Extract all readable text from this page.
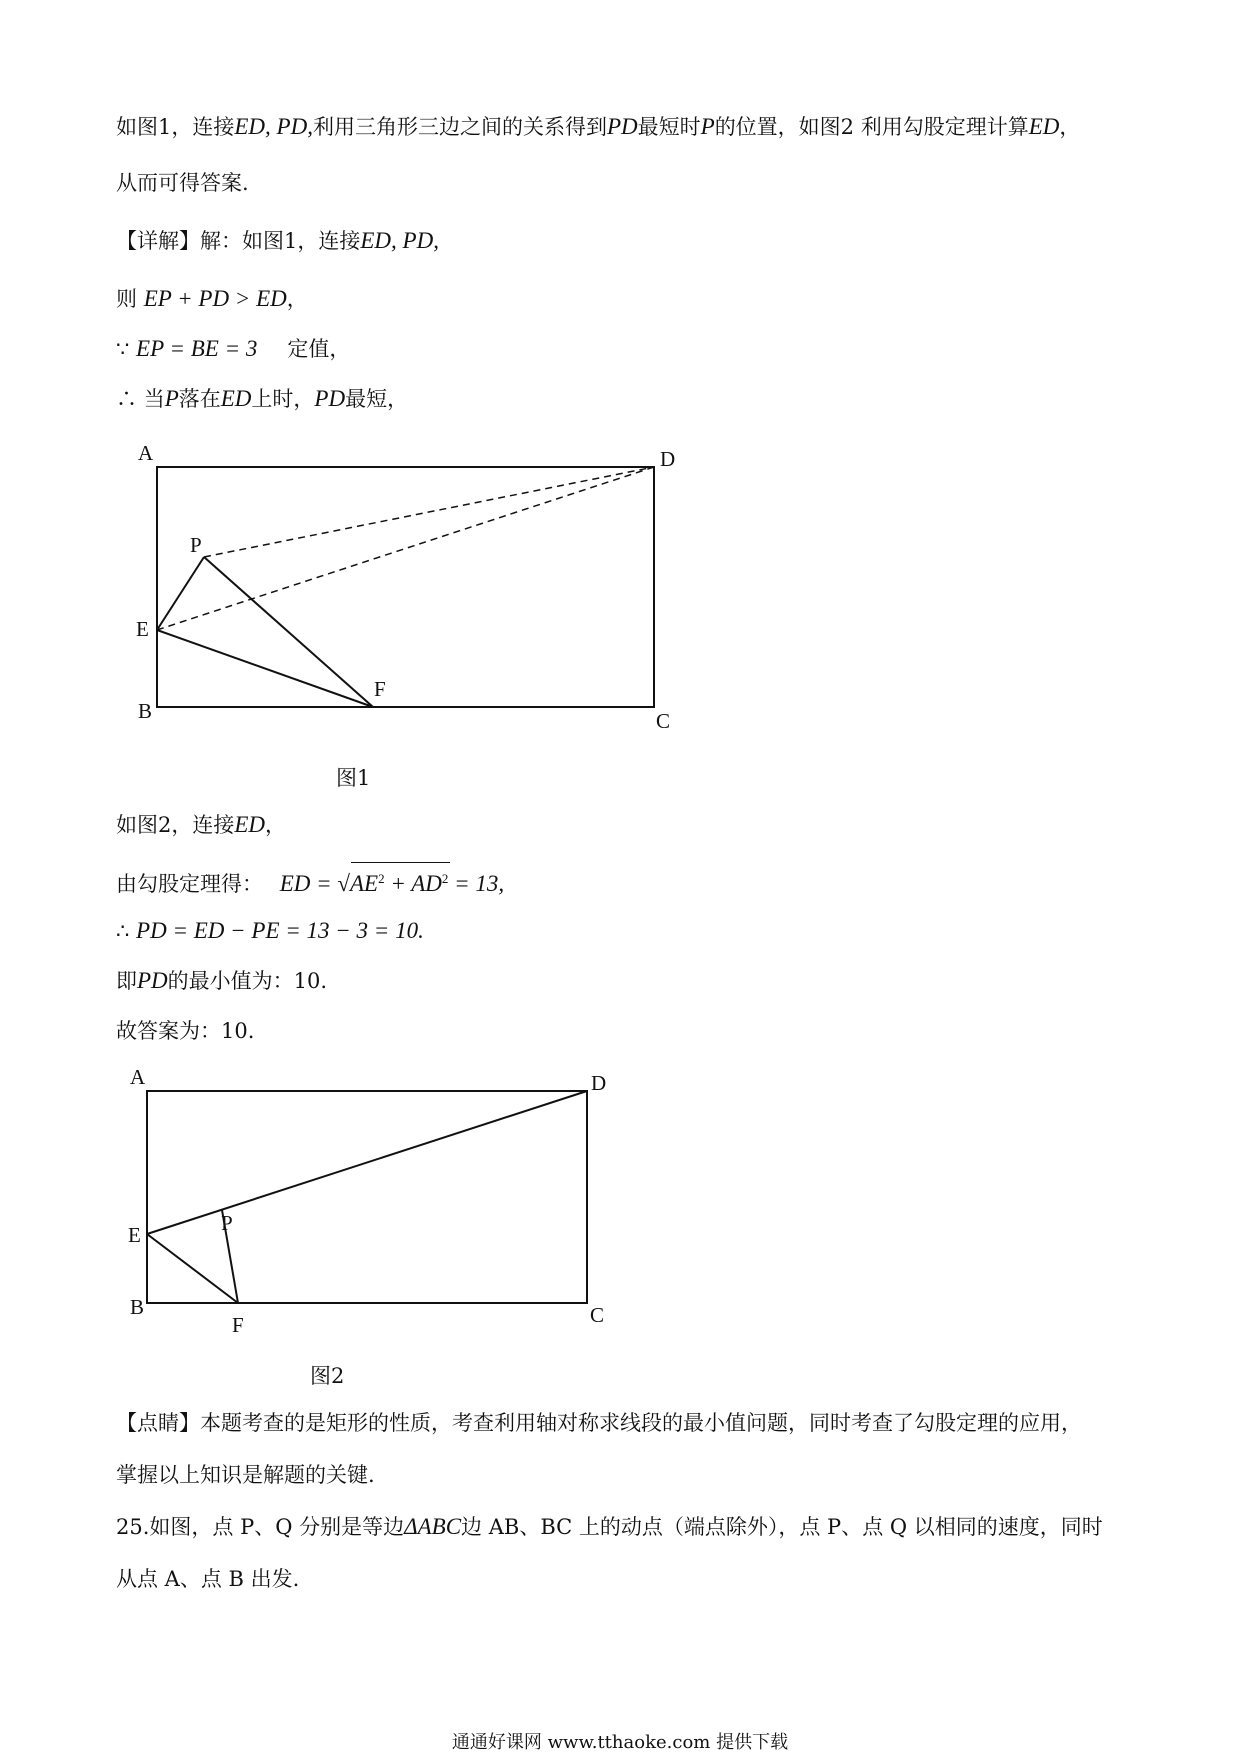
如图1，连接ED, PD,利用三角形三边之间的关系得到PD最短时P的位置，如图2 利用勾股定理计算ED，
从而可得答案.
【详解】解：如图1，连接ED, PD,
则 EP + PD > ED，
∵ EP = BE = 3 定值，
∴ 当P落在ED上时，PD最短，
A	D
P
E
F
B	C
图1
如图2，连接ED，
由勾股定理得： ED = √
$AE^2 + AD^2 = 13$,
∴ PD = ED − PE = 13 − 3 = 10.
即PD的最小值为：10.
故答案为：10.
A	D
E	P
B
F	C
图2
【点睛】本题考查的是矩形的性质，考查利用轴对称求线段的最小值问题，同时考查了勾股定理的应用，
掌握以上知识是解题的关键.
25.如图，点 P、Q 分别是等边ΔABC边 AB、BC 上的动点（端点除外），点 P、点 Q 以相同的速度，同时
从点 A、点 B 出发.
通通好课网 www.tthaoke.com 提供下载
